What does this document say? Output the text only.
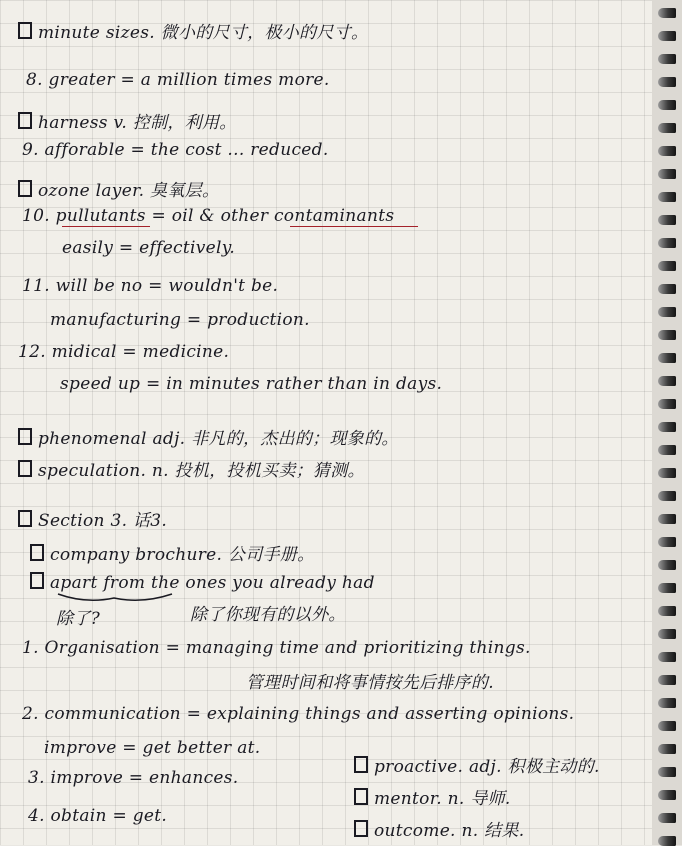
minute sizes. 微小的尺寸，极小的尺寸。
8. greater = a million times more.
harness v. 控制，利用。
9. afforable = the cost ... reduced.
ozone layer. 臭氧层。
10. pullutants = oil & other contaminants
easily = effectively.
11. will be no = wouldn't be.
manufacturing = production.
12. midical = medicine.
speed up = in minutes rather than in days.
phenomenal adj. 非凡的，杰出的；现象的。
speculation. n. 投机，投机买卖；猜测。
Section 3. 话3.
company brochure. 公司手册。
apart from the ones you already had
除了?	除了你现有的以外。
1. Organisation = managing time and prioritizing things.
管理时间和将事情按先后排序的.
2. communication = explaining things and asserting opinions.
improve = get better at.
proactive. adj. 积极主动的.
3. improve = enhances.
mentor. n. 导师.
4. obtain = get.
outcome. n. 结果.
